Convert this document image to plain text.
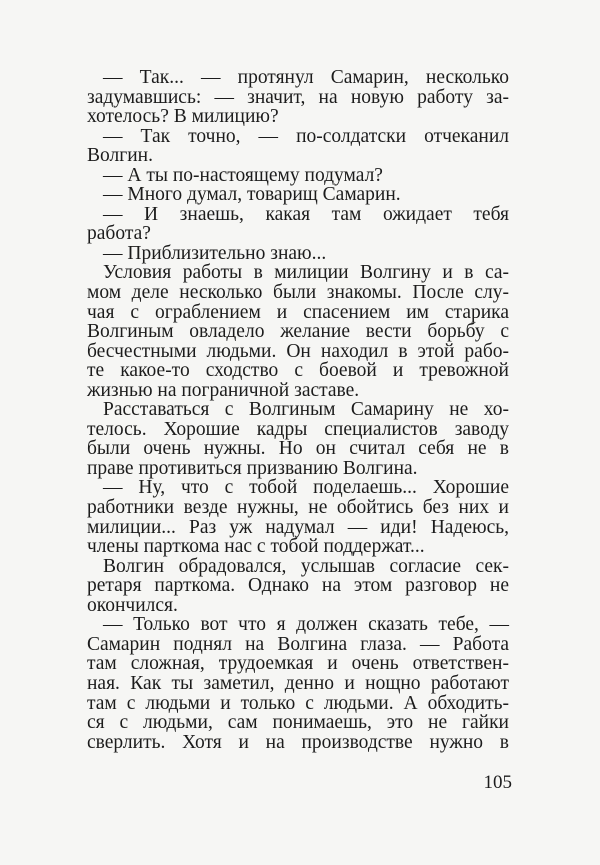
— Так... — протянул Самарин, несколько
задумавшись: — значит, на новую работу за-
хотелось? В милицию?
— Так точно, — по-солдатски отчеканил
Волгин.
— А ты по-настоящему подумал?
— Много думал, товарищ Самарин.
— И знаешь, какая там ожидает тебя
работа?
— Приблизительно знаю...
Условия работы в милиции Волгину и в са-
мом деле несколько были знакомы. После слу-
чая с ограблением и спасением им старика
Волгиным овладело желание вести борьбу с
бесчестными людьми. Он находил в этой рабо-
те какое-то сходство с боевой и тревожной
жизнью на пограничной заставе.
Расставаться с Волгиным Самарину не хо-
телось. Хорошие кадры специалистов заводу
были очень нужны. Но он считал себя не в
праве противиться призванию Волгина.
— Ну, что с тобой поделаешь... Хорошие
работники везде нужны, не обойтись без них и
милиции... Раз уж надумал — иди! Надеюсь,
члены парткома нас с тобой поддержат...
Волгин обрадовался, услышав согласие сек-
ретаря парткома. Однако на этом разговор не
окончился.
— Только вот что я должен сказать тебе, —
Самарин поднял на Волгина глаза. — Работа
там сложная, трудоемкая и очень ответствен-
ная. Как ты заметил, денно и нощно работают
там с людьми и только с людьми. А обходить-
ся с людьми, сам понимаешь, это не гайки
сверлить. Хотя и на производстве нужно в
105
